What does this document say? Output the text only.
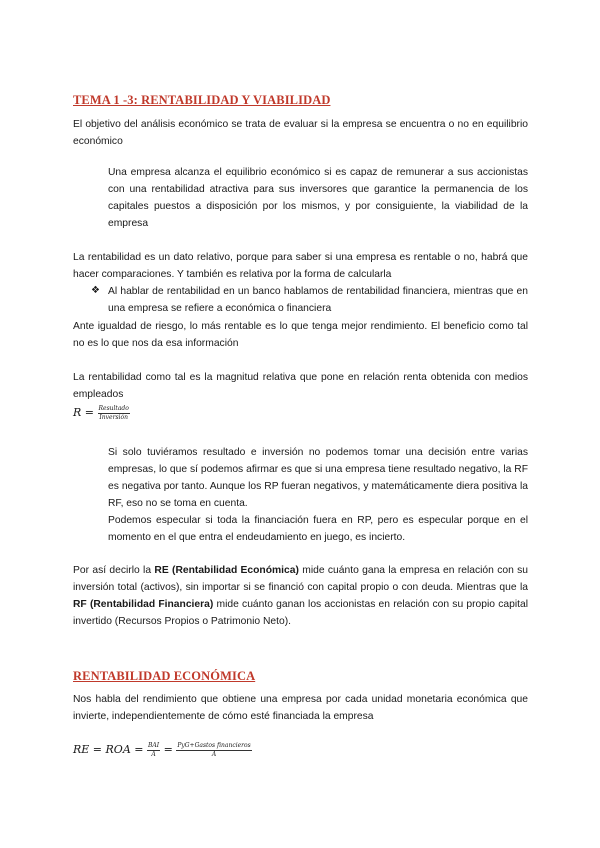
TEMA 1 -3: RENTABILIDAD Y VIABILIDAD
El objetivo del análisis económico se trata de evaluar si la empresa se encuentra o no en equilibrio económico
Una empresa alcanza el equilibrio económico si es capaz de remunerar a sus accionistas con una rentabilidad atractiva para sus inversores que garantice la permanencia de los capitales puestos a disposición por los mismos, y por consiguiente, la viabilidad de la empresa
La rentabilidad es un dato relativo, porque para saber si una empresa es rentable o no, habrá que hacer comparaciones. Y también es relativa por la forma de calcularla
❖ Al hablar de rentabilidad en un banco hablamos de rentabilidad financiera, mientras que en una empresa se refiere a económica o financiera
Ante igualdad de riesgo, lo más rentable es lo que tenga mejor rendimiento. El beneficio como tal no es lo que nos da esa información
La rentabilidad como tal es la magnitud relativa que pone en relación renta obtenida con medios empleados
$R = \frac{\text{Resultado}}{\text{Inversión}}$
Si solo tuviéramos resultado e inversión no podemos tomar una decisión entre varias empresas, lo que sí podemos afirmar es que si una empresa tiene resultado negativo, la RF es negativa por tanto. Aunque los RP fueran negativos, y matemáticamente diera positiva la RF, eso no se toma en cuenta.
Podemos especular si toda la financiación fuera en RP, pero es especular porque en el momento en el que entra el endeudamiento en juego, es incierto.
Por así decirlo la RE (Rentabilidad Económica) mide cuánto gana la empresa en relación con su inversión total (activos), sin importar si se financió con capital propio o con deuda. Mientras que la RF (Rentabilidad Financiera) mide cuánto ganan los accionistas en relación con su propio capital invertido (Recursos Propios o Patrimonio Neto).
RENTABILIDAD ECONÓMICA
Nos habla del rendimiento que obtiene una empresa por cada unidad monetaria económica que invierte, independientemente de cómo esté financiada la empresa
RE = ROA = $\frac{\text{BAI}}{A} = \frac{\text{PyG+Gastos financieros}}{A}$
